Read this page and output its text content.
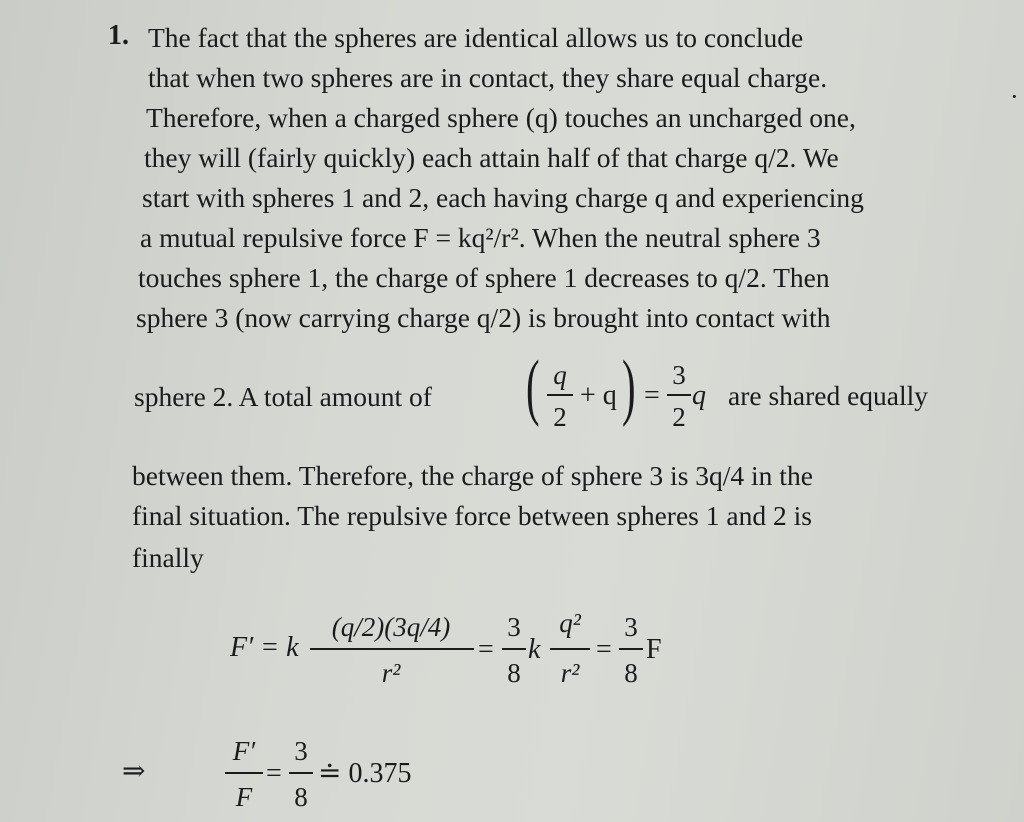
1. The fact that the spheres are identical allows us to conclude
that when two spheres are in contact, they share equal charge.
Therefore, when a charged sphere (q) touches an uncharged one,
they will (fairly quickly) each attain half of that charge q/2. We
start with spheres 1 and 2, each having charge q and experiencing
a mutual repulsive force F = kq²/r². When the neutral sphere 3
touches sphere 1, the charge of sphere 1 decreases to q/2. Then
sphere 3 (now carrying charge q/2) is brought into contact with
·
sphere 2. A total amount of ( q
2
+ q ) =
3
2
q are shared equally
between them. Therefore, the charge of sphere 3 is 3q/4 in the
final situation. The repulsive force between spheres 1 and 2 is
finally
F′ = k
(q/2)(3q/4)
r²
=
3
8
k
q²
r²
=
3
8
F
⇒
F′
F
=
3
8
≐ 0.375
